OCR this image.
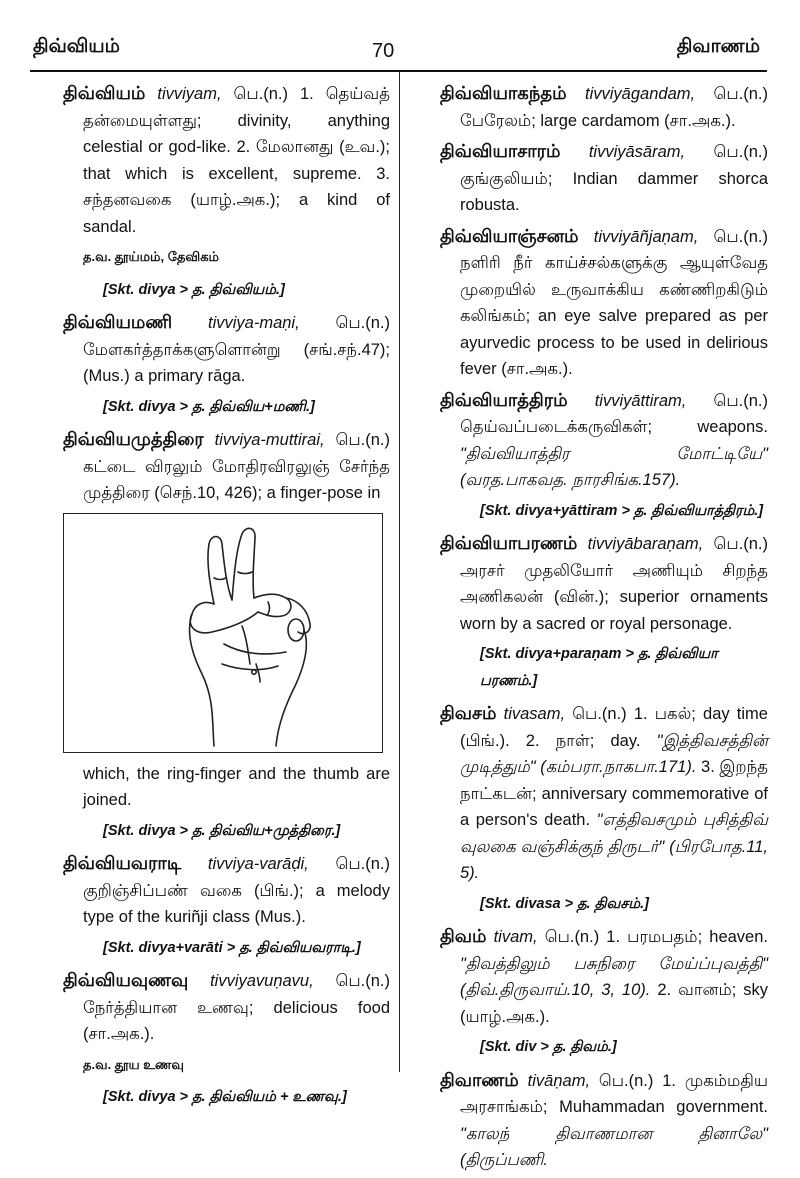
திவ்வியம்	70	திவாணம்
திவ்வியம் tivviyam, பெ.(n.) 1. தெய்வத் தன்மையுள்ளது; divinity, anything celestial or god-like. 2. மேலானது (உவ.); that which is excellent, supreme. 3. சந்தனவகை (யாழ்.அக.); a kind of sandal.
த.வ. தூய்மம், தேவிகம்
[Skt. divya > த. திவ்வியம்.]
திவ்வியமணி tivviya-maṇi, பெ.(n.) மேளகர்த்தாக்களுளொன்று (சங்.சந்.47); (Mus.) a primary rāga.
[Skt. divya > த. திவ்விய+மணி.]
திவ்வியமுத்திரை tivviya-muttirai, பெ.(n.) கட்டை விரலும் மோதிரவிரலுஞ் சேர்ந்த முத்திரை (செந்.10, 426); a finger-pose in
which, the ring-finger and the thumb are joined.
[Skt. divya > த. திவ்விய+முத்திரை.]
திவ்வியவராடி tivviya-varāḍi, பெ.(n.) குறிஞ்சிப்பண் வகை (பிங்.); a melody type of the kuriñji class (Mus.).
[Skt. divya+varāti > த. திவ்வியவராடி.]
திவ்வியவுணவு tivviyavuṇavu, பெ.(n.) நேர்த்தியான உணவு; delicious food (சா.அக.).
த.வ. தூய உணவு
[Skt. divya > த. திவ்வியம் + உணவு.]
திவ்வியாகந்தம் tivviyāgandam, பெ.(n.) பேரேலம்; large cardamom (சா.அக.).
திவ்வியாசாரம் tivviyāsāram, பெ.(n.) குங்குலியம்; Indian dammer shorca robusta.
திவ்வியாஞ்சனம் tivviyāñjaṇam, பெ.(n.) நளிரி நீர் காய்ச்சல்களுக்கு ஆயுள்வேத முறையில் உருவாக்கிய கண்ணிறகிடும் கலிங்கம்; an eye salve prepared as per ayurvedic process to be used in delirious fever (சா.அக.).
திவ்வியாத்திரம் tivviyāttiram, பெ.(n.) தெய்வப்படைக்கருவிகள்; weapons. "திவ்வியாத்திர மோட்டியே" (வரத.பாகவத. நாரசிங்க.157).
[Skt. divya+yāttiram > த. திவ்வியாத்திரம்.]
திவ்வியாபரணம் tivviyābaraṇam, பெ.(n.) அரசர் முதலியோர் அணியும் சிறந்த அணிகலன் (வின்.); superior ornaments worn by a sacred or royal personage.
[Skt. divya+paraṇam > த. திவ்வியா பரணம்.]
திவசம் tivasam, பெ.(n.) 1. பகல்; day time (பிங்.). 2. நாள்; day. "இத்திவசத்தின் முடித்தும்" (கம்பரா.நாகபா.171). 3. இறந்த நாட்கடன்; anniversary commemorative of a person's death. "எத்திவசமும் புசித்திவ் வுலகை வஞ்சிக்குந் திருடர்" (பிரபோத.11, 5).
[Skt. divasa > த. திவசம்.]
திவம் tivam, பெ.(n.) 1. பரமபதம்; heaven. "திவத்திலும் பசுநிரை மேய்ப்புவத்தி" (திவ்.திருவாய்.10, 3, 10). 2. வானம்; sky (யாழ்.அக.).
[Skt. div > த. திவம்.]
திவாணம் tivāṇam, பெ.(n.) 1. முகம்மதிய அரசாங்கம்; Muhammadan government. "காலந் திவாணமான தினாலே" (திருப்பணி.
